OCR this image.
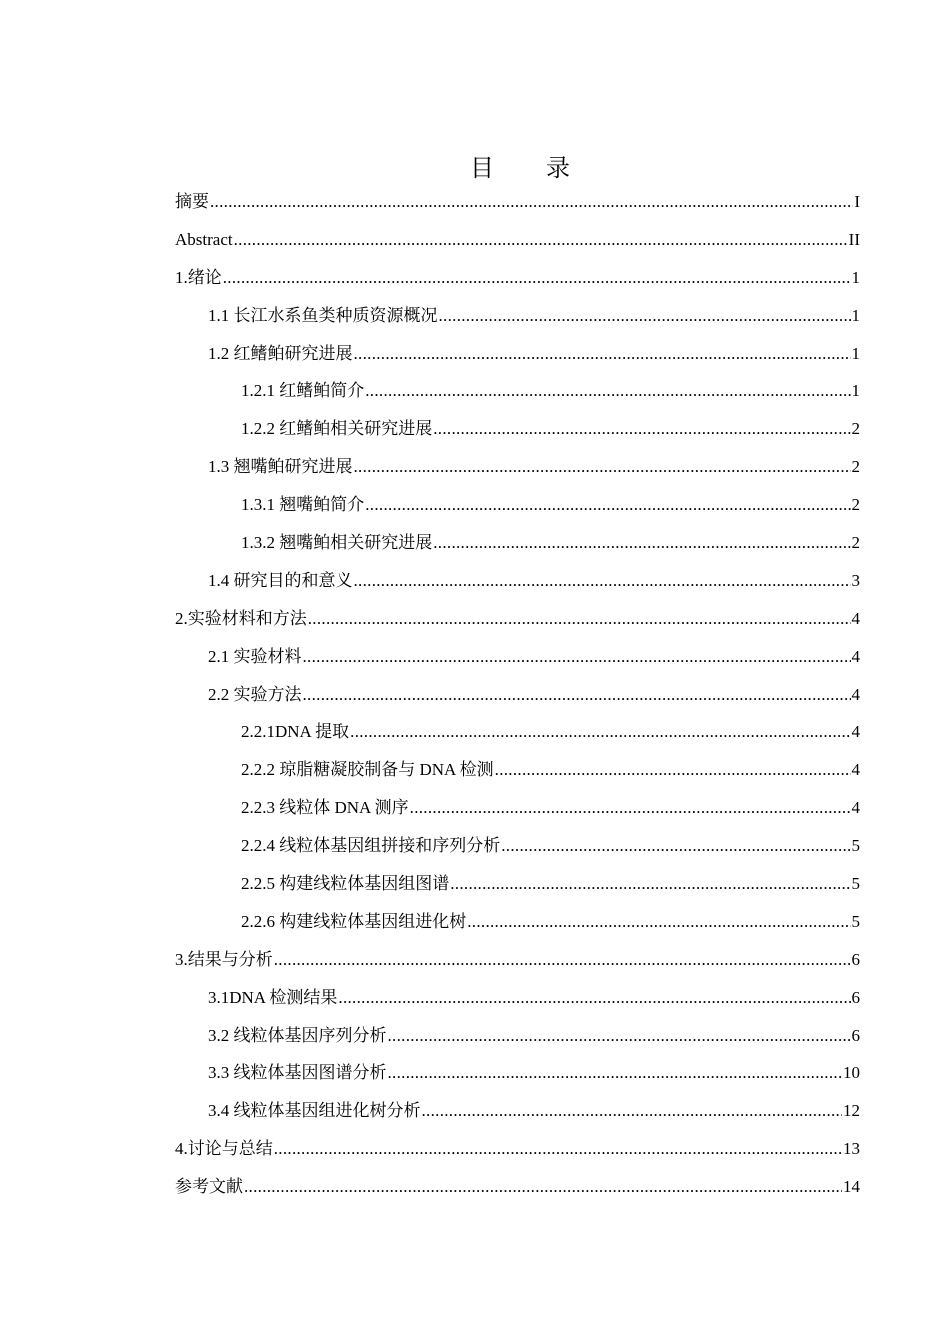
目 录
摘要 .....	I
Abstract .....	II
1.绪论 .....	1
1.1 长江水系鱼类种质资源概况 .....	1
1.2 红鳍鲌研究进展 .....	1
1.2.1 红鳍鲌简介 .....	1
1.2.2 红鳍鲌相关研究进展 .....	2
1.3 翘嘴鲌研究进展 .....	2
1.3.1 翘嘴鲌简介 .....	2
1.3.2 翘嘴鲌相关研究进展 .....	2
1.4 研究目的和意义 .....	3
2.实验材料和方法 .....	4
2.1 实验材料 .....	4
2.2 实验方法 .....	4
2.2.1DNA 提取 .....	4
2.2.2 琼脂糖凝胶制备与 DNA 检测 .....	4
2.2.3 线粒体 DNA 测序 .....	4
2.2.4 线粒体基因组拼接和序列分析 .....	5
2.2.5 构建线粒体基因组图谱 .....	5
2.2.6 构建线粒体基因组进化树 .....	5
3.结果与分析 .....	6
3.1DNA 检测结果 .....	6
3.2 线粒体基因序列分析 .....	6
3.3 线粒体基因图谱分析 .....	10
3.4 线粒体基因组进化树分析 .....	12
4.讨论与总结 .....	13
参考文献 .....	14
